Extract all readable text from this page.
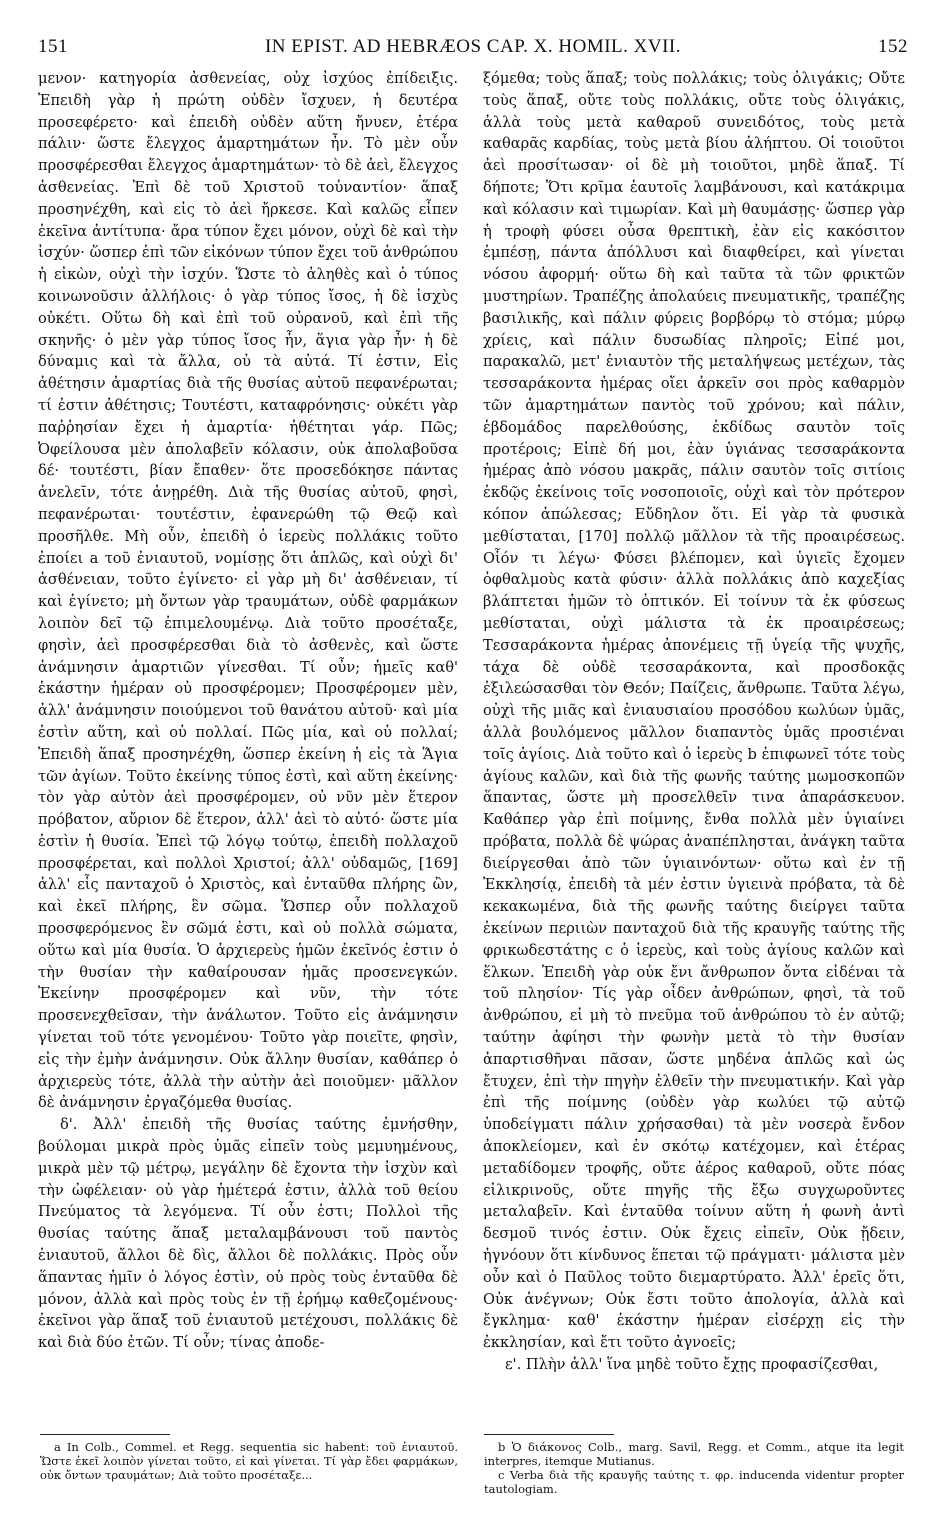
151	IN EPIST. AD HEBRÆOS CAP. X. HOMIL. XVII.	152

μενον· κατηγορία ἀσθενείας, οὐχ ἰσχύος ἐπίδειξις. Ἐπειδὴ γὰρ ἡ πρώτη οὐδὲν ἴσχυεν, ἡ δευτέρα προσεφέρετο· καὶ ἐπειδὴ οὐδὲν αὕτη ἤνυεν, ἑτέρα πάλιν· ὥστε ἔλεγχος ἁμαρτημάτων ἦν. Τὸ μὲν οὖν προσφέρεσθαι ἔλεγχος ἁμαρτημάτων· τὸ δὲ ἀεὶ, ἔλεγχος ἀσθενείας. Ἐπὶ δὲ τοῦ Χριστοῦ τοὐναντίον· ἅπαξ προσηνέχθη, καὶ εἰς τὸ ἀεὶ ἤρκεσε. Καὶ καλῶς εἶπεν ἐκεῖνα ἀντίτυπα· ἄρα τύπον ἔχει μόνον, οὐχὶ δὲ καὶ τὴν ἰσχύν· ὥσπερ ἐπὶ τῶν εἰκόνων τύπον ἔχει τοῦ ἀνθρώπου ἡ εἰκὼν, οὐχὶ τὴν ἰσχύν. Ὥστε τὸ ἀληθὲς καὶ ὁ τύπος κοινωνοῦσιν ἀλλήλοις· ὁ γὰρ τύπος ἴσος, ἡ δὲ ἰσχὺς οὐκέτι. Οὕτω δὴ καὶ ἐπὶ τοῦ οὐρανοῦ, καὶ ἐπὶ τῆς σκηνῆς· ὁ μὲν γὰρ τύπος ἴσος ἦν, ἅγια γὰρ ἦν· ἡ δὲ δύναμις καὶ τὰ ἄλλα, οὐ τὰ αὐτά. Τί ἐστιν, Εἰς ἀθέτησιν ἁμαρτίας διὰ τῆς θυσίας αὐτοῦ πεφανέρωται; τί ἐστιν ἀθέτησις; Τουτέστι, καταφρόνησις· οὐκέτι γὰρ παῤῥησίαν ἔχει ἡ ἁμαρτία· ἠθέτηται γάρ. Πῶς; Ὀφείλουσα μὲν ἀπολαβεῖν κόλασιν, οὐκ ἀπολαβοῦσα δέ· τουτέστι, βίαν ἔπαθεν· ὅτε προσεδόκησε πάντας ἀνελεῖν, τότε ἀνῃρέθη. Διὰ τῆς θυσίας αὐτοῦ, φησὶ, πεφανέρωται· τουτέστιν, ἐφανερώθη τῷ Θεῷ καὶ προσῆλθε. Μὴ οὖν, ἐπειδὴ ὁ ἱερεὺς πολλάκις τοῦτο ἐποίει a τοῦ ἐνιαυτοῦ, νομίσῃς ὅτι ἁπλῶς, καὶ οὐχὶ δι' ἀσθένειαν, τοῦτο ἐγίνετο· εἰ γὰρ μὴ δι' ἀσθένειαν, τί καὶ ἐγίνετο; μὴ ὄντων γὰρ τραυμάτων, οὐδὲ φαρμάκων λοιπὸν δεῖ τῷ ἐπιμελουμένῳ. Διὰ τοῦτο προσέταξε, φησὶν, ἀεὶ προσφέρεσθαι διὰ τὸ ἀσθενὲς, καὶ ὥστε ἀνάμνησιν ἁμαρτιῶν γίνεσθαι. Τί οὖν; ἡμεῖς καθ' ἑκάστην ἡμέραν οὐ προσφέρομεν; Προσφέρομεν μὲν, ἀλλ' ἀνάμνησιν ποιούμενοι τοῦ θανάτου αὐτοῦ· καὶ μία ἐστὶν αὕτη, καὶ οὐ πολλαί. Πῶς μία, καὶ οὐ πολλαί; Ἐπειδὴ ἅπαξ προσηνέχθη, ὥσπερ ἐκείνη ἡ εἰς τὰ Ἅγια τῶν ἁγίων. Τοῦτο ἐκείνης τύπος ἐστὶ, καὶ αὕτη ἐκείνης· τὸν γὰρ αὐτὸν ἀεὶ προσφέρομεν, οὐ νῦν μὲν ἕτερον πρόβατον, αὔριον δὲ ἕτερον, ἀλλ' ἀεὶ τὸ αὐτό· ὥστε μία ἐστὶν ἡ θυσία. Ἐπεὶ τῷ λόγῳ τούτῳ, ἐπειδὴ πολλαχοῦ προσφέρεται, καὶ πολλοὶ Χριστοί; ἀλλ' οὐδαμῶς, [169] ἀλλ' εἷς πανταχοῦ ὁ Χριστὸς, καὶ ἐνταῦθα πλήρης ὢν, καὶ ἐκεῖ πλήρης, ἓν σῶμα. Ὥσπερ οὖν πολλαχοῦ προσφερόμενος ἓν σῶμά ἐστι, καὶ οὐ πολλὰ σώματα, οὕτω καὶ μία θυσία. Ὁ ἀρχιερεὺς ἡμῶν ἐκεῖνός ἐστιν ὁ τὴν θυσίαν τὴν καθαίρουσαν ἡμᾶς προσενεγκών. Ἐκείνην προσφέρομεν καὶ νῦν, τὴν τότε προσενεχθεῖσαν, τὴν ἀνάλωτον. Τοῦτο εἰς ἀνάμνησιν γίνεται τοῦ τότε γενομένου· Τοῦτο γὰρ ποιεῖτε, φησὶν, εἰς τὴν ἐμὴν ἀνάμνησιν. Οὐκ ἄλλην θυσίαν, καθάπερ ὁ ἀρχιερεὺς τότε, ἀλλὰ τὴν αὐτὴν ἀεὶ ποιοῦμεν· μᾶλλον δὲ ἀνάμνησιν ἐργαζόμεθα θυσίας.

δ'. Ἀλλ' ἐπειδὴ τῆς θυσίας ταύτης ἐμνήσθην, βούλομαι μικρὰ πρὸς ὑμᾶς εἰπεῖν τοὺς μεμυημένους, μικρὰ μὲν τῷ μέτρῳ, μεγάλην δὲ ἔχοντα τὴν ἰσχὺν καὶ τὴν ὠφέλειαν· οὐ γὰρ ἡμέτερά ἐστιν, ἀλλὰ τοῦ θείου Πνεύματος τὰ λεγόμενα. Τί οὖν ἐστι; Πολλοὶ τῆς θυσίας ταύτης ἅπαξ μεταλαμβάνουσι τοῦ παντὸς ἐνιαυτοῦ, ἄλλοι δὲ δὶς, ἄλλοι δὲ πολλάκις. Πρὸς οὖν ἅπαντας ἡμῖν ὁ λόγος ἐστὶν, οὐ πρὸς τοὺς ἐνταῦθα δὲ μόνον, ἀλλὰ καὶ πρὸς τοὺς ἐν τῇ ἐρήμῳ καθεζομένους· ἐκεῖνοι γὰρ ἅπαξ τοῦ ἐνιαυτοῦ μετέχουσι, πολλάκις δὲ καὶ διὰ δύο ἐτῶν. Τί οὖν; τίνας ἀποδε-

ξόμεθα; τοὺς ἅπαξ; τοὺς πολλάκις; τοὺς ὀλιγάκις; Οὔτε τοὺς ἅπαξ, οὔτε τοὺς πολλάκις, οὔτε τοὺς ὀλιγάκις, ἀλλὰ τοὺς μετὰ καθαροῦ συνειδότος, τοὺς μετὰ καθαρᾶς καρδίας, τοὺς μετὰ βίου ἀλήπτου. Οἱ τοιοῦτοι ἀεὶ προσίτωσαν· οἱ δὲ μὴ τοιοῦτοι, μηδὲ ἅπαξ. Τί δήποτε; Ὅτι κρῖμα ἑαυτοῖς λαμβάνουσι, καὶ κατάκριμα καὶ κόλασιν καὶ τιμωρίαν. Καὶ μὴ θαυμάσῃς· ὥσπερ γὰρ ἡ τροφὴ φύσει οὖσα θρεπτικὴ, ἐὰν εἰς κακόσιτον ἐμπέσῃ, πάντα ἀπόλλυσι καὶ διαφθείρει, καὶ γίνεται νόσου ἀφορμή· οὕτω δὴ καὶ ταῦτα τὰ τῶν φρικτῶν μυστηρίων. Τραπέζης ἀπολαύεις πνευματικῆς, τραπέζης βασιλικῆς, καὶ πάλιν φύρεις βορβόρῳ τὸ στόμα; μύρῳ χρίεις, καὶ πάλιν δυσωδίας πληροῖς; Εἰπέ μοι, παρακαλῶ, μετ' ἐνιαυτὸν τῆς μεταλήψεως μετέχων, τὰς τεσσαράκοντα ἡμέρας οἴει ἀρκεῖν σοι πρὸς καθαρμὸν τῶν ἁμαρτημάτων παντὸς τοῦ χρόνου; καὶ πάλιν, ἑβδομάδος παρελθούσης, ἐκδίδως σαυτὸν τοῖς προτέροις; Εἰπὲ δή μοι, ἐὰν ὑγιάνας τεσσαράκοντα ἡμέρας ἀπὸ νόσου μακρᾶς, πάλιν σαυτὸν τοῖς σιτίοις ἐκδῷς ἐκείνοις τοῖς νοσοποιοῖς, οὐχὶ καὶ τὸν πρότερον κόπον ἀπώλεσας; Εὔδηλον ὅτι. Εἰ γὰρ τὰ φυσικὰ μεθίσταται, [170] πολλῷ μᾶλλον τὰ τῆς προαιρέσεως. Οἷόν τι λέγω· Φύσει βλέπομεν, καὶ ὑγιεῖς ἔχομεν ὀφθαλμοὺς κατὰ φύσιν· ἀλλὰ πολλάκις ἀπὸ καχεξίας βλάπτεται ἡμῶν τὸ ὀπτικόν. Εἰ τοίνυν τὰ ἐκ φύσεως μεθίσταται, οὐχὶ μάλιστα τὰ ἐκ προαιρέσεως; Τεσσαράκοντα ἡμέρας ἀπονέμεις τῇ ὑγείᾳ τῆς ψυχῆς, τάχα δὲ οὐδὲ τεσσαράκοντα, καὶ προσδοκᾷς ἐξιλεώσασθαι τὸν Θεόν; Παίζεις, ἄνθρωπε. Ταῦτα λέγω, οὐχὶ τῆς μιᾶς καὶ ἐνιαυσιαίου προσόδου κωλύων ὑμᾶς, ἀλλὰ βουλόμενος μᾶλλον διαπαντὸς ὑμᾶς προσιέναι τοῖς ἁγίοις. Διὰ τοῦτο καὶ ὁ ἱερεὺς b ἐπιφωνεῖ τότε τοὺς ἁγίους καλῶν, καὶ διὰ τῆς φωνῆς ταύτης μωμοσκοπῶν ἅπαντας, ὥστε μὴ προσελθεῖν τινα ἀπαράσκευον. Καθάπερ γὰρ ἐπὶ ποίμνης, ἔνθα πολλὰ μὲν ὑγιαίνει πρόβατα, πολλὰ δὲ ψώρας ἀναπέπλησται, ἀνάγκη ταῦτα διείργεσθαι ἀπὸ τῶν ὑγιαινόντων· οὕτω καὶ ἐν τῇ Ἐκκλησίᾳ, ἐπειδὴ τὰ μέν ἐστιν ὑγιεινὰ πρόβατα, τὰ δὲ κεκακωμένα, διὰ τῆς φωνῆς ταύτης διείργει ταῦτα ἐκείνων περιιὼν πανταχοῦ διὰ τῆς κραυγῆς ταύτης τῆς φρικωδεστάτης c ὁ ἱερεὺς, καὶ τοὺς ἁγίους καλῶν καὶ ἕλκων. Ἐπειδὴ γὰρ οὐκ ἔνι ἄνθρωπον ὄντα εἰδέναι τὰ τοῦ πλησίον· Τίς γὰρ οἶδεν ἀνθρώπων, φησὶ, τὰ τοῦ ἀνθρώπου, εἰ μὴ τὸ πνεῦμα τοῦ ἀνθρώπου τὸ ἐν αὐτῷ; ταύτην ἀφίησι τὴν φωνὴν μετὰ τὸ τὴν θυσίαν ἀπαρτισθῆναι πᾶσαν, ὥστε μηδένα ἁπλῶς καὶ ὡς ἔτυχεν, ἐπὶ τὴν πηγὴν ἐλθεῖν τὴν πνευματικήν. Καὶ γὰρ ἐπὶ τῆς ποίμνης (οὐδὲν γὰρ κωλύει τῷ αὐτῷ ὑποδείγματι πάλιν χρήσασθαι) τὰ μὲν νοσερὰ ἔνδον ἀποκλείομεν, καὶ ἐν σκότῳ κατέχομεν, καὶ ἑτέρας μεταδίδομεν τροφῆς, οὔτε ἀέρος καθαροῦ, οὔτε πόας εἰλικρινοῦς, οὔτε πηγῆς τῆς ἔξω συγχωροῦντες μεταλαβεῖν. Καὶ ἐνταῦθα τοίνυν αὕτη ἡ φωνὴ ἀντὶ δεσμοῦ τινός ἐστιν. Οὐκ ἔχεις εἰπεῖν, Οὐκ ᾔδειν, ἠγνόουν ὅτι κίνδυνος ἕπεται τῷ πράγματι· μάλιστα μὲν οὖν καὶ ὁ Παῦλος τοῦτο διεμαρτύρατο. Ἀλλ' ἐρεῖς ὅτι, Οὐκ ἀνέγνων; Οὐκ ἔστι τοῦτο ἀπολογία, ἀλλὰ καὶ ἔγκλημα· καθ' ἑκάστην ἡμέραν εἰσέρχῃ εἰς τὴν ἐκκλησίαν, καὶ ἔτι τοῦτο ἀγνοεῖς;

ε'. Πλὴν ἀλλ' ἵνα μηδὲ τοῦτο ἔχῃς προφασίζεσθαι,

a In Colb., Commel. et Regg. sequentia sic habent: τοῦ ἐνιαυτοῦ. Ὥστε ἐκεῖ λοιπὸν γίνεται τοῦτο, εἰ καὶ γίνεται. Τί γὰρ ἔδει φαρμάκων, οὐκ ὄντων τραυμάτων; Διὰ τοῦτο προσέταξε...

b Ὁ διάκονος Colb., marg. Savil, Regg. et Comm., atque ita legit interpres, itemque Mutianus.

c Verba διὰ τῆς κραυγῆς ταύτης τ. φρ. inducenda videntur propter tautologiam.
